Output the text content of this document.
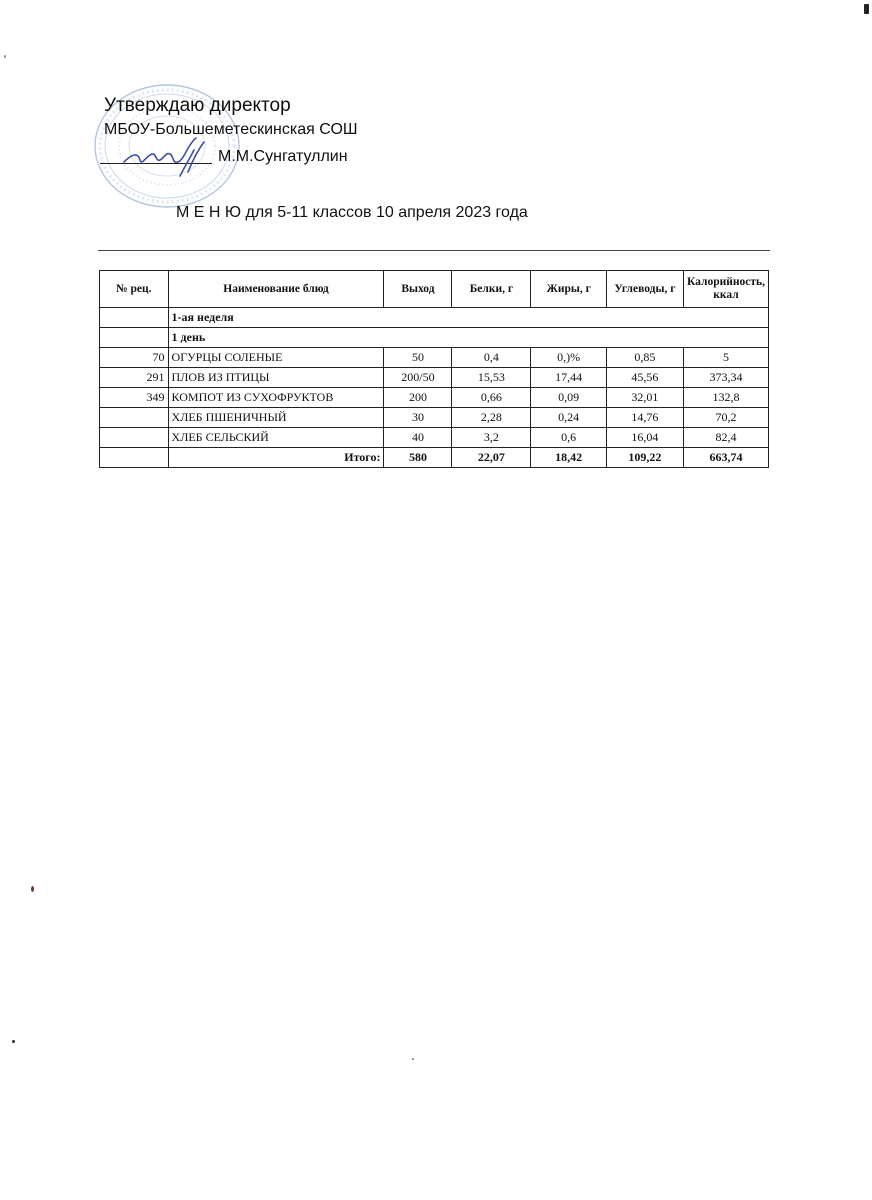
Утверждаю директор
МБОУ-Большеметескинская СОШ
М.М.Сунгатуллин
М Е Н Ю для 5-11 классов 10 апреля 2023 года
№ рец.	Наименование блюд	Выход	Белки, г	Жиры, г	Углеводы, г	Калорийность, ккал
	1-ая неделя					
	1 день					
70	ОГУРЦЫ СОЛЕНЫЕ	50	0,4	0,)%	0,85	5
291	ПЛОВ ИЗ ПТИЦЫ	200/50	15,53	17,44	45,56	373,34
349	КОМПОТ ИЗ СУХОФРУКТОВ	200	0,66	0,09	32,01	132,8
	ХЛЕБ ПШЕНИЧНЫЙ	30	2,28	0,24	14,76	70,2
	ХЛЕБ СЕЛЬСКИЙ	40	3,2	0,6	16,04	82,4
	Итого:	580	22,07	18,42	109,22	663,74
